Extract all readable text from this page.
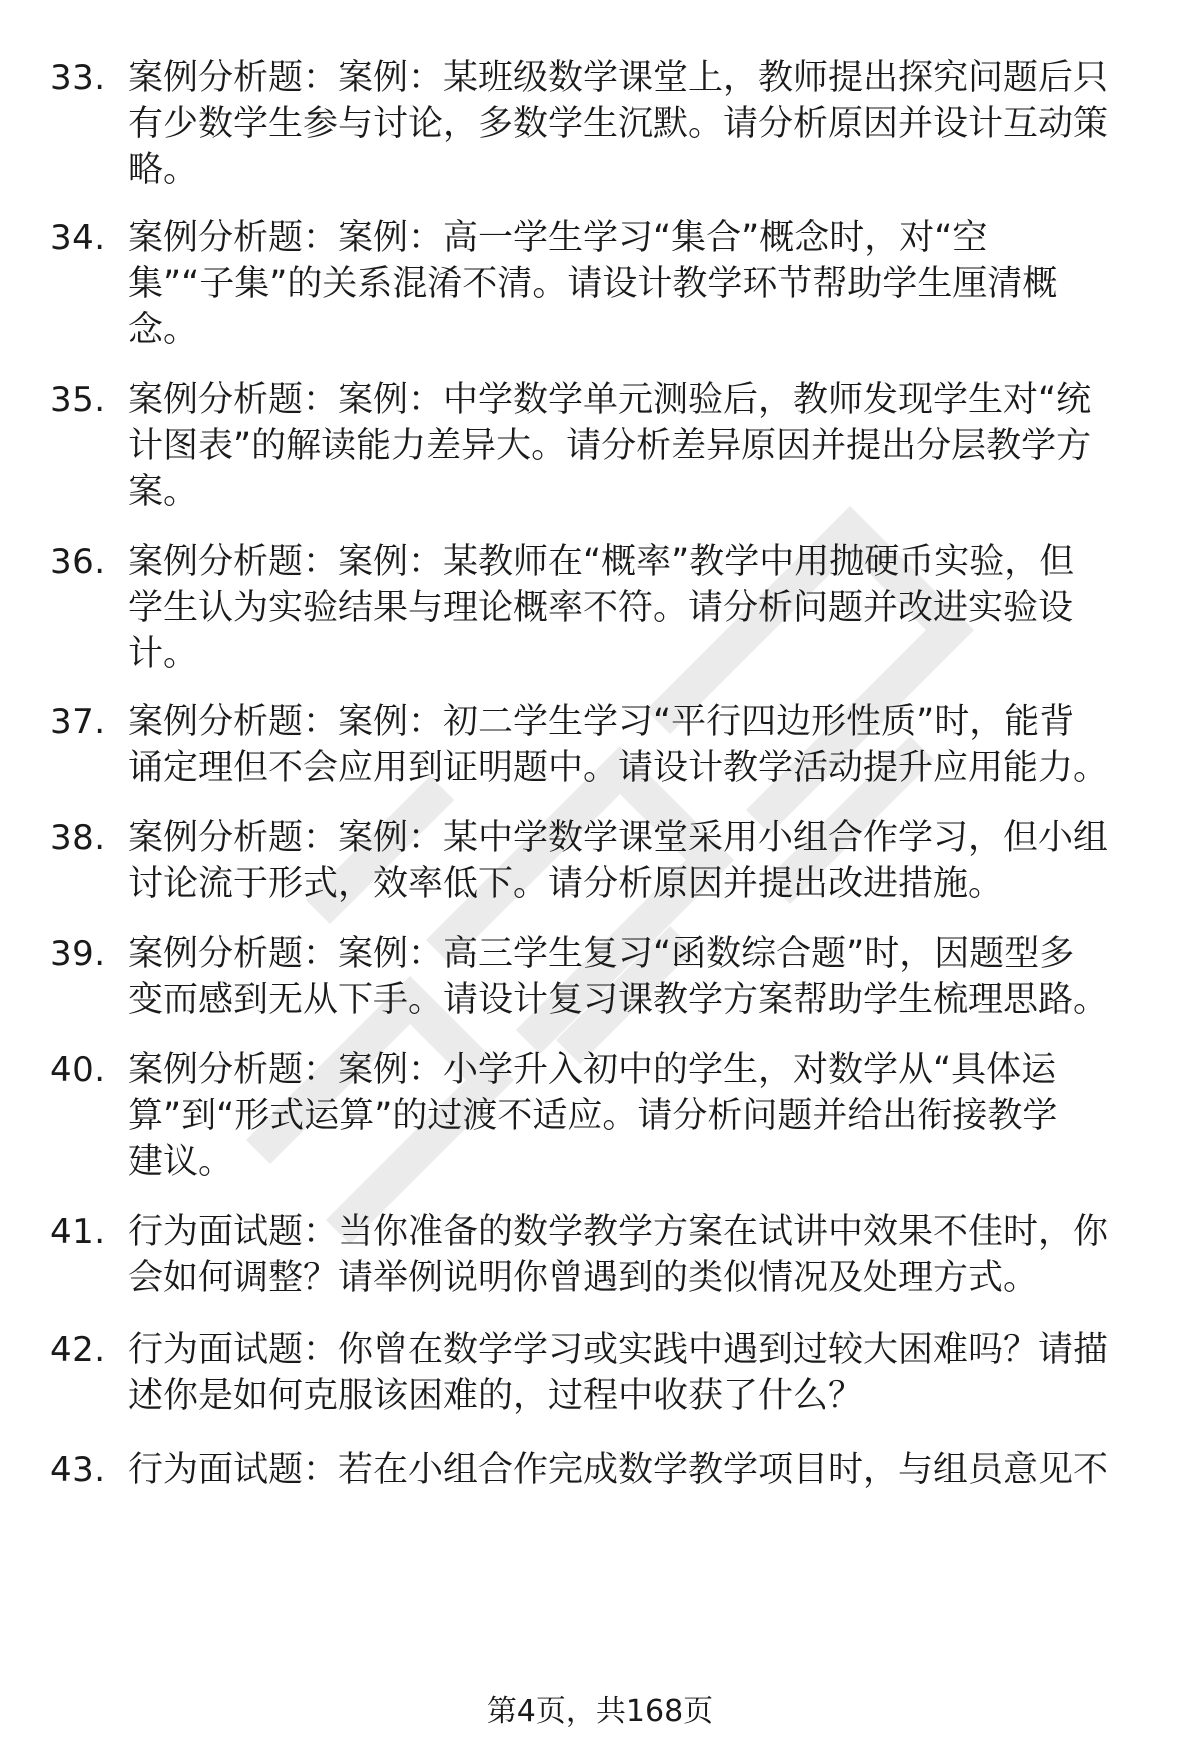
33. 案例分析题：案例：某班级数学课堂上，教师提出探究问题后只
有少数学生参与讨论，多数学生沉默。请分析原因并设计互动策
略。
34. 案例分析题：案例：高一学生学习“集合”概念时，对“空
集”“子集”的关系混淆不清。请设计教学环节帮助学生厘清概
念。
35. 案例分析题：案例：中学数学单元测验后，教师发现学生对“统
计图表”的解读能力差异大。请分析差异原因并提出分层教学方
案。
36. 案例分析题：案例：某教师在“概率”教学中用抛硬币实验，但
学生认为实验结果与理论概率不符。请分析问题并改进实验设
计。
37. 案例分析题：案例：初二学生学习“平行四边形性质”时，能背
诵定理但不会应用到证明题中。请设计教学活动提升应用能力。
38. 案例分析题：案例：某中学数学课堂采用小组合作学习，但小组
讨论流于形式，效率低下。请分析原因并提出改进措施。
39. 案例分析题：案例：高三学生复习“函数综合题”时，因题型多
变而感到无从下手。请设计复习课教学方案帮助学生梳理思路。
40. 案例分析题：案例：小学升入初中的学生，对数学从“具体运
算”到“形式运算”的过渡不适应。请分析问题并给出衔接教学
建议。
41. 行为面试题：当你准备的数学教学方案在试讲中效果不佳时，你
会如何调整？请举例说明你曾遇到的类似情况及处理方式。
42. 行为面试题：你曾在数学学习或实践中遇到过较大困难吗？请描
述你是如何克服该困难的，过程中收获了什么？
43. 行为面试题：若在小组合作完成数学教学项目时，与组员意见不
第4页，共168页
